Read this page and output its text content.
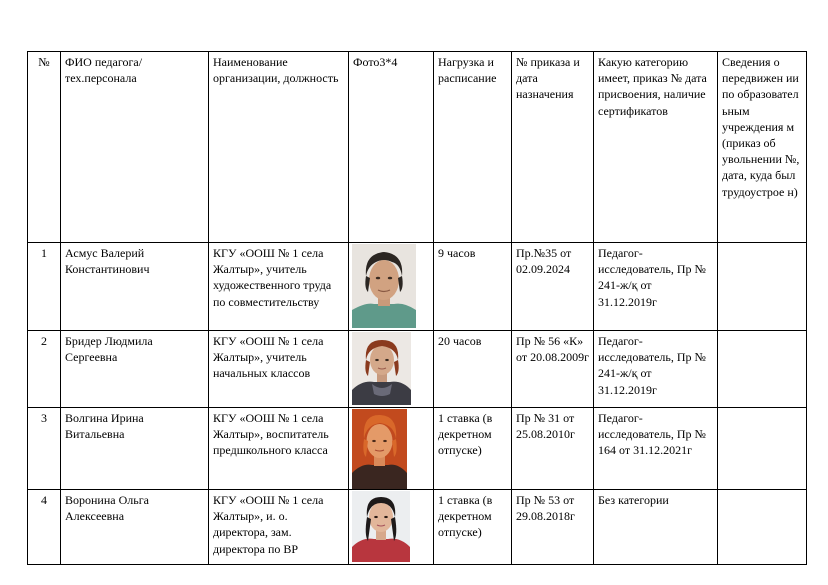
№	ФИО педагога/тех.персонала	Наименование организации, должность	Фото3*4	Нагрузка и расписание	№ приказа и дата назначения	Какую категорию имеет, приказ № дата присвоения, наличие сертификатов	Сведения о передвижен ии по образовател ьным учреждения м (приказ об увольнении №, дата, куда был трудоустрое н)
1	Асмус Валерий Константинович	КГУ «ООШ № 1 села Жалтыр», учитель художественного труда по совместительству		9 часов	Пр.№35 от 02.09.2024	Педагог-исследователь, Пр № 241-ж/қ от 31.12.2019г	
2	Бридер Людмила Сергеевна	КГУ «ООШ № 1 села Жалтыр», учитель начальных классов		20 часов	Пр № 56 «К» от 20.08.2009г	Педагог-исследователь, Пр № 241-ж/қ от 31.12.2019г	
3	Волгина Ирина Витальевна	КГУ «ООШ № 1 села Жалтыр», воспитатель предшкольного класса		1 ставка (в декретном отпуске)	Пр № 31 от 25.08.2010г	Педагог-исследователь, Пр № 164 от 31.12.2021г	
4	Воронина Ольга Алексеевна	КГУ «ООШ № 1 села Жалтыр», и. о. директора, зам. директора по ВР		1 ставка (в декретном отпуске)	Пр № 53 от 29.08.2018г	Без категории	
